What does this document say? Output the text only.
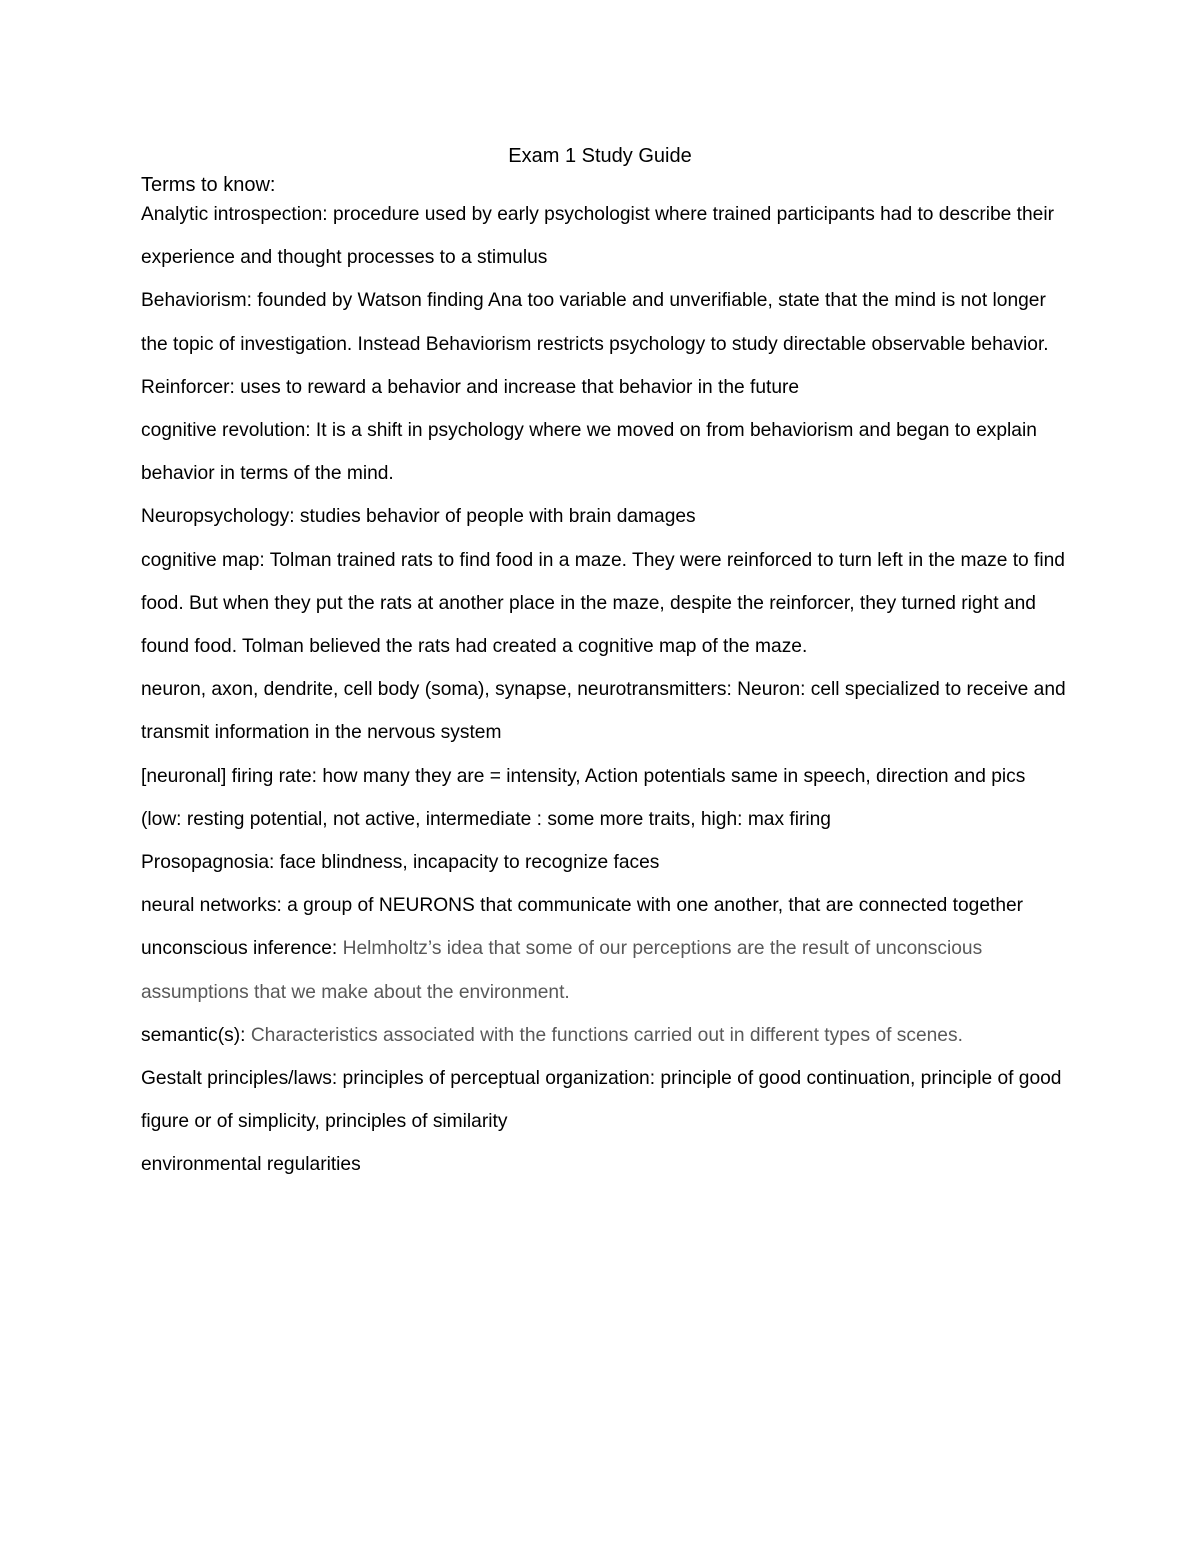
Exam 1 Study Guide
Terms to know:

Analytic introspection: procedure used by early psychologist where trained participants had to describe their experience and thought processes to a stimulus

Behaviorism: founded by Watson finding Ana too variable and unverifiable, state that the mind is not longer the topic of investigation. Instead Behaviorism restricts psychology to study directable observable behavior.

Reinforcer: uses to reward a behavior and increase that behavior in the future

cognitive revolution: It is a shift in psychology where we moved on from behaviorism and began to explain behavior in terms of the mind.

Neuropsychology: studies behavior of people with brain damages

cognitive map: Tolman trained rats to find food in a maze. They were reinforced to turn left in the maze to find food. But when they put the rats at another place in the maze, despite the reinforcer, they turned right and found food. Tolman believed the rats had created a cognitive map of the maze.

neuron, axon, dendrite, cell body (soma), synapse, neurotransmitters: Neuron: cell specialized to receive and transmit information in the nervous system

[neuronal] firing rate: how many they are = intensity, Action potentials same in speech, direction and pics (low: resting potential, not active, intermediate : some more traits, high: max firing

Prosopagnosia: face blindness, incapacity to recognize faces

neural networks: a group of NEURONS that communicate with one another, that are connected together

unconscious inference: Helmholtz’s idea that some of our perceptions are the result of unconscious assumptions that we make about the environment.

semantic(s): Characteristics associated with the functions carried out in different types of scenes.

Gestalt principles/laws: principles of perceptual organization: principle of good continuation, principle of good figure or of simplicity, principles of similarity

environmental regularities
